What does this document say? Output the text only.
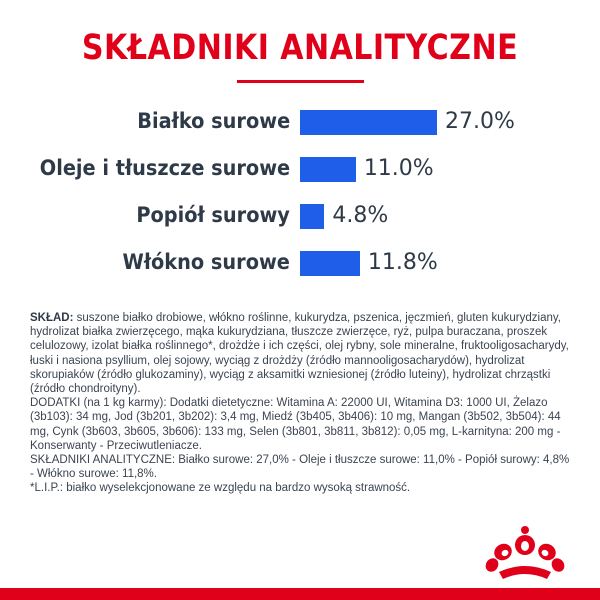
SKŁADNIKI ANALITYCZNE
Białko surowe	27.0%
Oleje i tłuszcze surowe	11.0%
Popiół surowy 4.8%
Włókno surowe	11.8%

SKŁAD: suszone białko drobiowe, włókno roślinne, kukurydza, pszenica, jęczmień, gluten kukurydziany, hydrolizat białka zwierzęcego, mąka kukurydziana, tłuszcze zwierzęce, ryż, pulpa buraczana, proszek celulozowy, izolat białka roślinnego*, drożdże i ich części, olej rybny, sole mineralne, fruktooligosacharydy, łuski i nasiona psyllium, olej sojowy, wyciąg z drożdży (źródło mannooligosacharydów), hydrolizat skorupiaków (źródło glukozaminy), wyciąg z aksamitki wzniesionej (źródło luteiny), hydrolizat chrząstki (źródło chondroityny).

DODATKI (na 1 kg karmy): Dodatki dietetyczne: Witamina A: 22000 UI, Witamina D3: 1000 UI, Żelazo (3b103): 34 mg, Jod (3b201, 3b202): 3,4 mg, Miedź (3b405, 3b406): 10 mg, Mangan (3b502, 3b504): 44 mg, Cynk (3b603, 3b605, 3b606): 133 mg, Selen (3b801, 3b811, 3b812): 0,05 mg, L-karnityna: 200 mg - Konserwanty - Przeciwutleniacze.

SKŁADNIKI ANALITYCZNE: Białko surowe: 27,0% - Oleje i tłuszcze surowe: 11,0% - Popiół surowy: 4,8% - Włókno surowe: 11,8%.

*L.I.P.: białko wyselekcjonowane ze względu na bardzo wysoką strawność.
